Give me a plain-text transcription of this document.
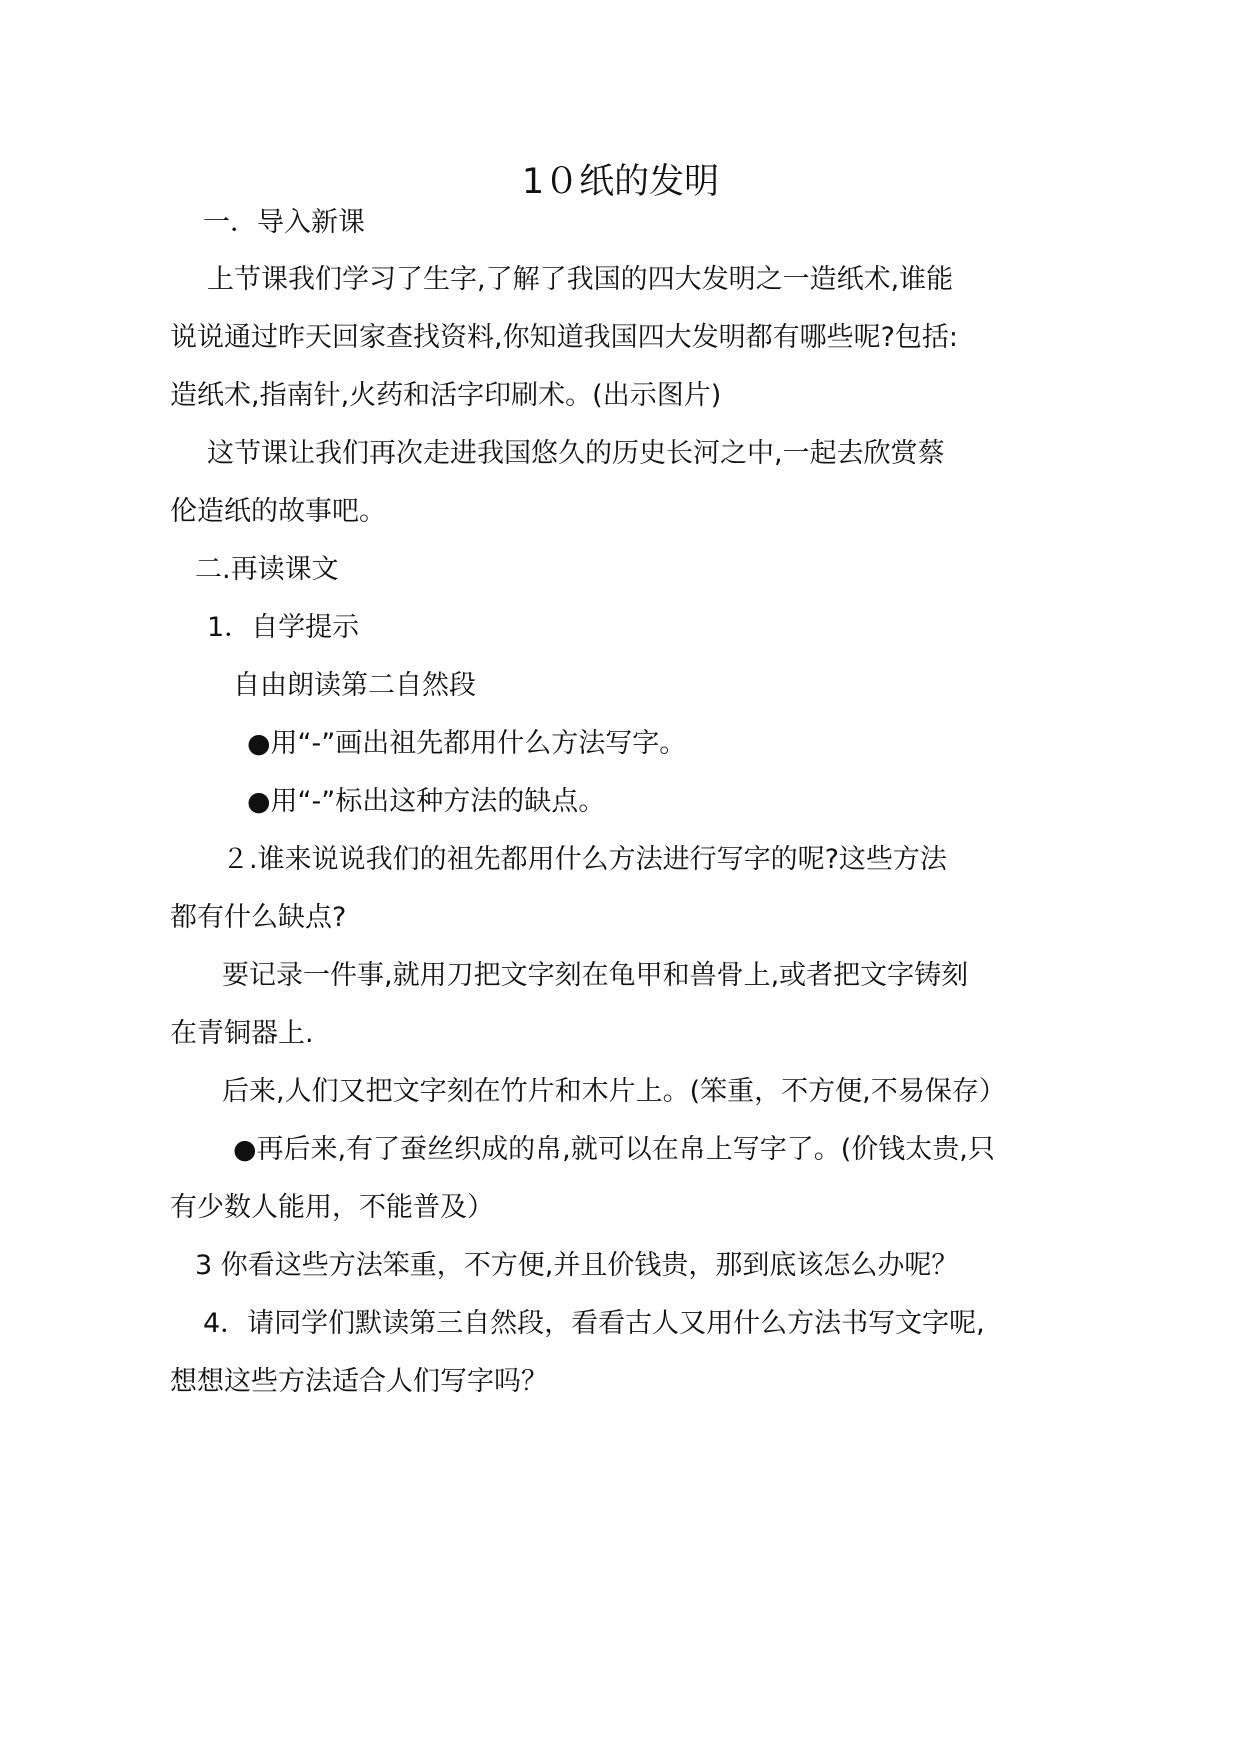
1０纸的发明
一．导入新课
上节课我们学习了生字,了解了我国的四大发明之一造纸术,谁能
说说通过昨天回家查找资料,你知道我国四大发明都有哪些呢?包括:
造纸术,指南针,火药和活字印刷术。(出示图片)
这节课让我们再次走进我国悠久的历史长河之中,一起去欣赏蔡
伦造纸的故事吧。
二.再读课文
1．自学提示
自由朗读第二自然段
●用“-”画出祖先都用什么方法写字。
●用“-”标出这种方法的缺点。
２.谁来说说我们的祖先都用什么方法进行写字的呢?这些方法
都有什么缺点?
要记录一件事,就用刀把文字刻在龟甲和兽骨上,或者把文字铸刻
在青铜器上.
后来,人们又把文字刻在竹片和木片上。(笨重，不方便,不易保存）
●再后来,有了蚕丝织成的帛,就可以在帛上写字了。(价钱太贵,只
有少数人能用，不能普及）
3 你看这些方法笨重，不方便,并且价钱贵，那到底该怎么办呢？
4．请同学们默读第三自然段，看看古人又用什么方法书写文字呢,
想想这些方法适合人们写字吗？
